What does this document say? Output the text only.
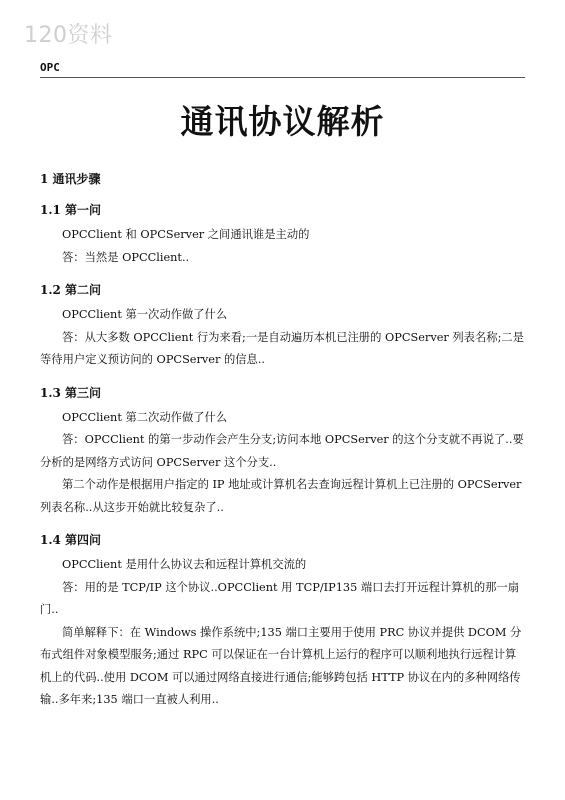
120资料
OPC
通讯协议解析
1 通讯步骤
1.1 第一问

OPCClient 和 OPCServer 之间通讯谁是主动的

答：当然是 OPCClient..

1.2 第二问

OPCClient 第一次动作做了什么

答：从大多数 OPCClient 行为来看;一是自动遍历本机已注册的 OPCServer 列表名称;二是等待用户定义预访问的 OPCServer 的信息..

1.3 第三问

OPCClient 第二次动作做了什么

答：OPCClient 的第一步动作会产生分支;访问本地 OPCServer 的这个分支就不再说了..要分析的是网络方式访问 OPCServer 这个分支..

第二个动作是根据用户指定的 IP 地址或计算机名去查询远程计算机上已注册的 OPCServer 列表名称..从这步开始就比较复杂了..

1.4 第四问

OPCClient 是用什么协议去和远程计算机交流的

答：用的是 TCP/IP 这个协议..OPCClient 用 TCP/IP135 端口去打开远程计算机的那一扇门..

简单解释下：在 Windows 操作系统中;135 端口主要用于使用 PRC 协议并提供 DCOM 分布式组件对象模型服务;通过 RPC 可以保证在一台计算机上运行的程序可以顺利地执行远程计算机上的代码..使用 DCOM 可以通过网络直接进行通信;能够跨包括 HTTP 协议在内的多种网络传输..多年来;135 端口一直被人利用..
